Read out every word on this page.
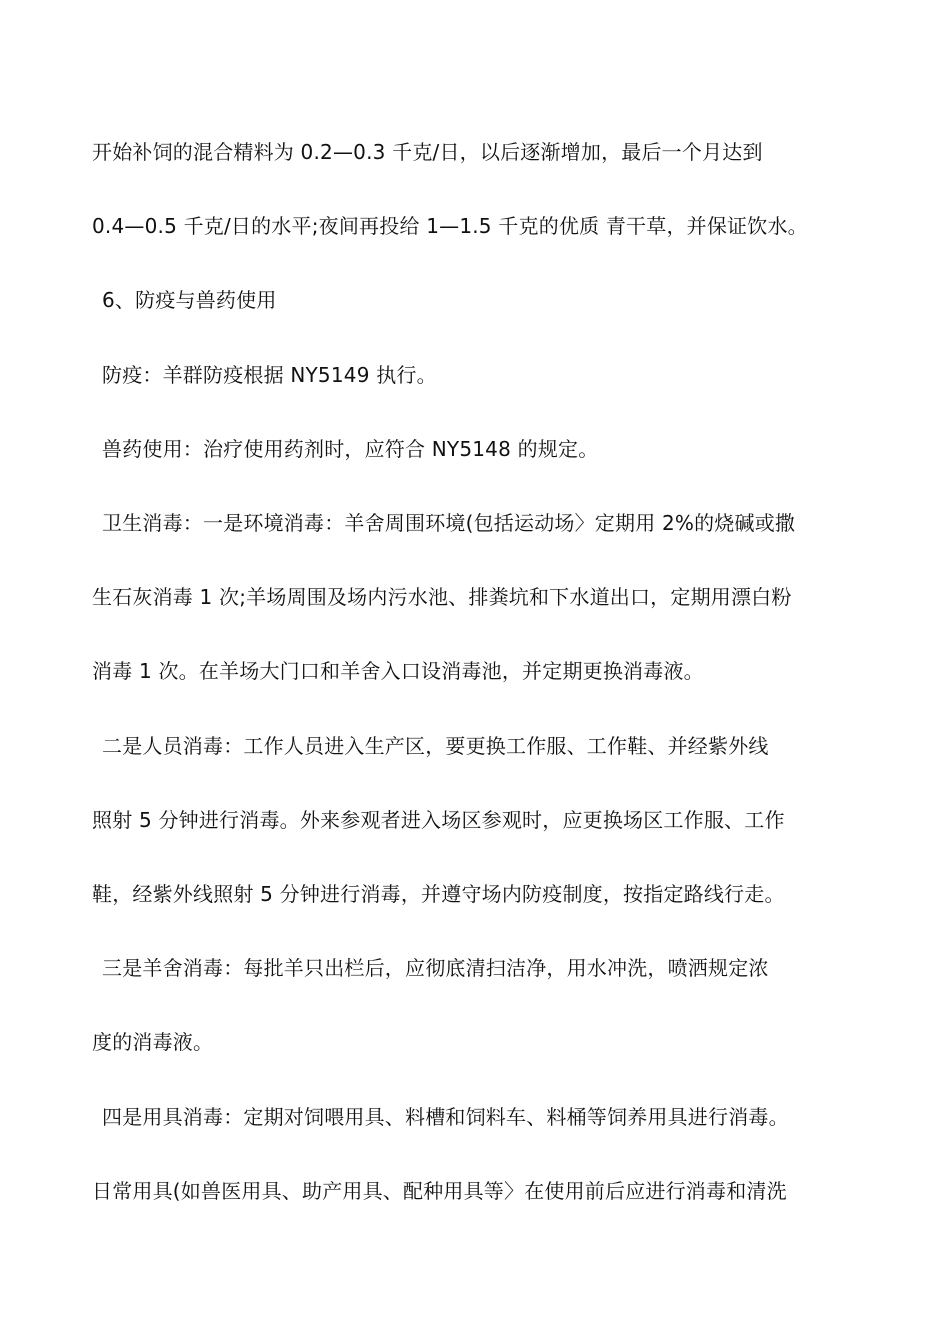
开始补饲的混合精料为 0.2—0.3 千克/日，以后逐渐增加，最后一个月达到
0.4—0.5 千克/日的水平;夜间再投给 1—1.5 千克的优质 青干草，并保证饮水。
6、防疫与兽药使用
防疫：羊群防疫根据 NY5149 执行。
兽药使用：治疗使用药剂时，应符合 NY5148 的规定。
卫生消毒：一是环境消毒：羊舍周围环境(包括运动场〉定期用 2%的烧碱或撒
生石灰消毒 1 次;羊场周围及场内污水池、排粪坑和下水道出口，定期用漂白粉
消毒 1 次。在羊场大门口和羊舍入口设消毒池，并定期更换消毒液。
二是人员消毒：工作人员进入生产区，要更换工作服、工作鞋、并经紫外线
照射 5 分钟进行消毒。外来参观者进入场区参观时，应更换场区工作服、工作
鞋，经紫外线照射 5 分钟进行消毒，并遵守场内防疫制度，按指定路线行走。
三是羊舍消毒：每批羊只出栏后，应彻底清扫洁净，用水冲洗，喷洒规定浓
度的消毒液。
四是用具消毒：定期对饲喂用具、料槽和饲料车、料桶等饲养用具进行消毒。
日常用具(如兽医用具、助产用具、配种用具等〉在使用前后应进行消毒和清洗
